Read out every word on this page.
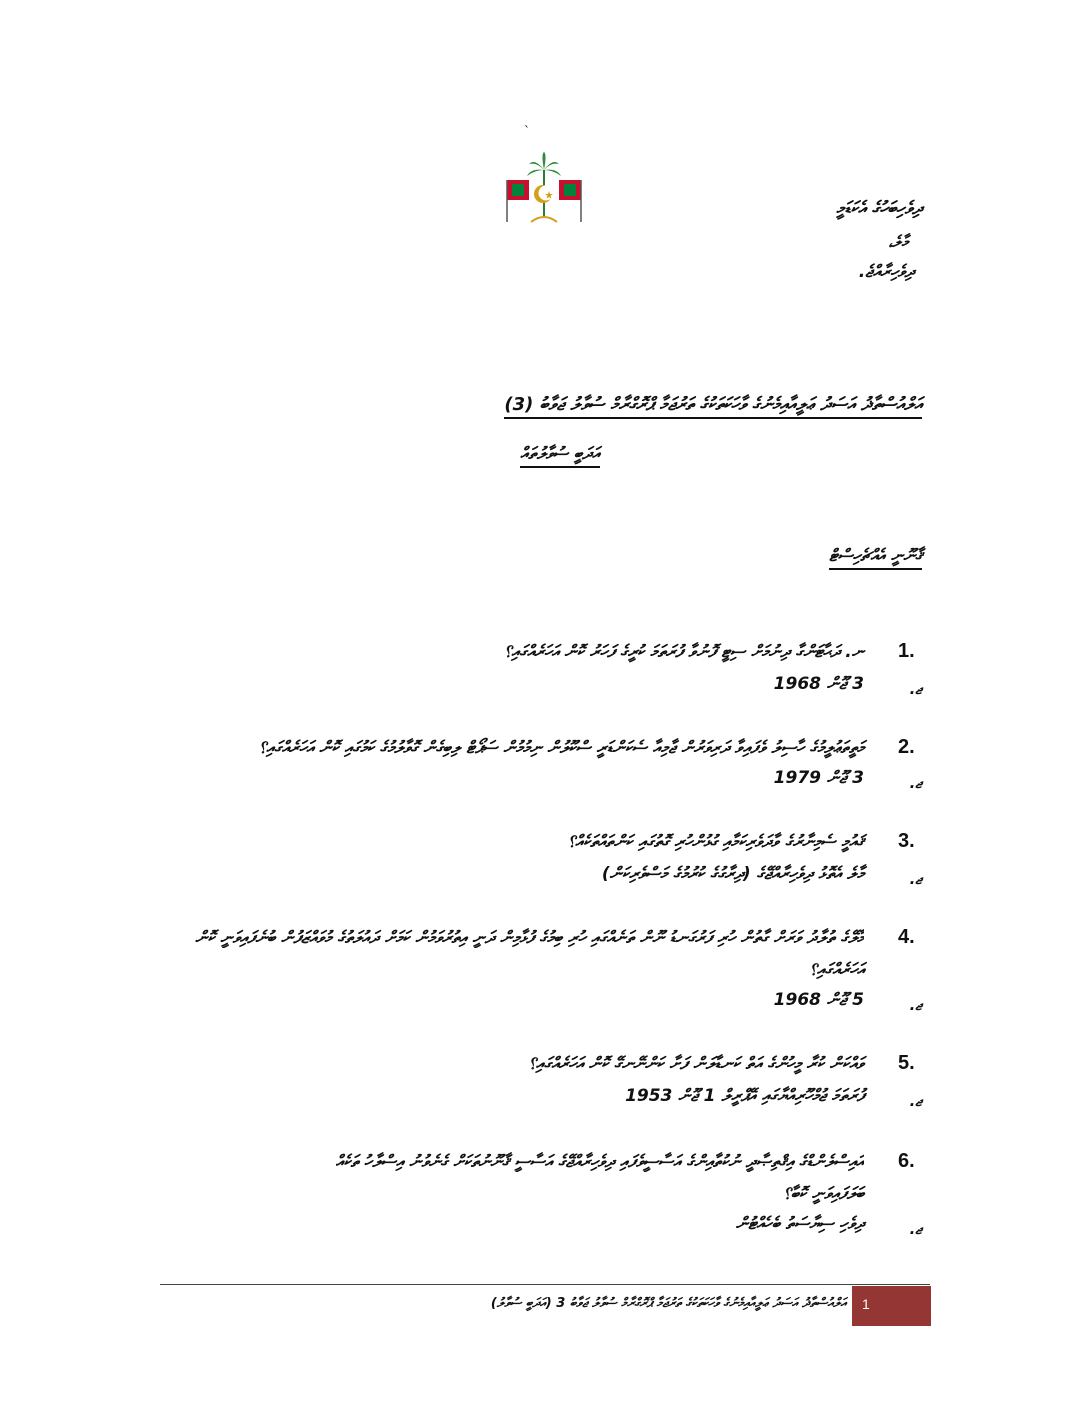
`
ދިވެހިބަހުގެ އެކަޑަމީ
މާލެ،
ދިވެހިރާއްޖެ.
އަލްއުސްތާޛު އަސަދު ޢަލީއާއިމެނުގެ ވާހަކަތަކުގެ ތަރުޖަމާ ޕްރޮގްރާމް ސުވާލު ޖަވާބު (3)
އަދަބީ ސުވާލުތައް
ޤާނޫނީ އެއްޗެހިސްޓް
1.
ނ. ދަޙާޓަންގާ ދިނުމަށް ސިޓީ ފޮނުވާ ފުރަތަމަ ކުރީގެ ފަހަރު ކޮން އަހަރެއްގައި؟
ޖ.
3 ޖޫން 1968
2.
މަތީތަޢުލީމުގެ ހާސިލު ވެފައިވާ ދަރިވަރުން ޖާމިއާ ސެކަންޑަރީ ސްކޫލުން ނިމުމުން ސަޕޯޓް ލިބިގެން ގޮވާލުމުގެ ކަމުގައި ކޮން އަހަރެއްގައި؟
ޖ.
3 ޖޫން 1979
3.
ޤައުމީ ސެމިނާރުގެ ވާދަވެރިކަމާއި ގުޅުންހުރި ގޮތުގައި ކަންތައްތަކެއް؟
ޖ.
މާލެ އެތޮޅު ދިވެހިރާއްޖޭގެ (ދިރާގުގެ ކުރުމުގެ މަސްވެރިކަން)
4.
މާލޭގެ ތުލާދު ވަރަށް ގާތުން ހުރި ފަރުގަނޑު ނޫން ތަނެއްގައި ހުރި ބިމުގެ ފުޅާމިން ދަނީ އިތުރުވަމުން ކަމަށް ދައުލަތުގެ މުވައްޒަފުން ބުނެފައިވަނީ ކޮން
އަހަރެއްގައި؟
ޖ.
5 ޖޫން 1968
5.
ވައްކަން ކުރާ މީހުންގެ އަތް ކަނޑާލަން ފަށާ ކަންނޭނގޭ ކޮން އަހަރެއްގައި؟
ޖ.
ފުރަތަމަ ޖުމްހޫރިއްޔާގައި އޭޕްރީލް 1 ޖޫން 1953
6.
އައިސްލެންޑްގެ އިޤްތިޞާދީ ނުކުތާއިންގެ އަސާސީވެފައި ދިވެހިރާއްޖޭގެ އަސާސީ ޤާނޫނުތަކަށް ގެނެވުނު އިސްލާހު ތަކެއް
ބަލަފައިވަނީ ކޮބާ؟
ޖ.
ދިވެހި ސިޔާސަތު ބެހެއްޓުން
އަލްއުސްތާޛު އަސަދު ޢަލީއާއިމެނުގެ ވާހަކަތަކުގެ ތަރުޖަމާ ޕްރޮގްރާމް ސުވާލު ޖަވާބު 3 (އަދަބީ ސުވާލު) 1
